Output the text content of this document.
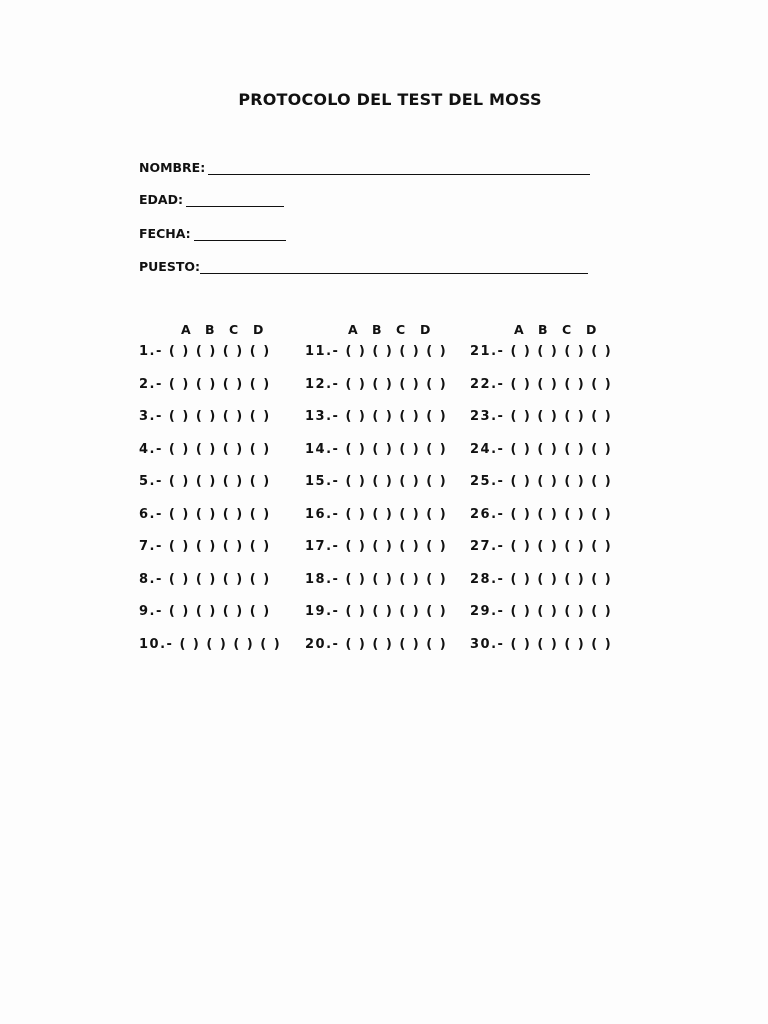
PROTOCOLO DEL TEST DEL MOSS
NOMBRE:
EDAD:
FECHA:
PUESTO:
A	B	C	D
1.- ( ) ( ) ( ) ( )
2.- ( ) ( ) ( ) ( )
3.- ( ) ( ) ( ) ( )
4.- ( ) ( ) ( ) ( )
5.- ( ) ( ) ( ) ( )
6.- ( ) ( ) ( ) ( )
7.- ( ) ( ) ( ) ( )
8.- ( ) ( ) ( ) ( )
9.- ( ) ( ) ( ) ( )
10.- ( ) ( ) ( ) ( )
A	B	C	D
11.- ( ) ( ) ( ) ( )
12.- ( ) ( ) ( ) ( )
13.- ( ) ( ) ( ) ( )
14.- ( ) ( ) ( ) ( )
15.- ( ) ( ) ( ) ( )
16.- ( ) ( ) ( ) ( )
17.- ( ) ( ) ( ) ( )
18.- ( ) ( ) ( ) ( )
19.- ( ) ( ) ( ) ( )
20.- ( ) ( ) ( ) ( )
A	B	C	D
21.- ( ) ( ) ( ) ( )
22.- ( ) ( ) ( ) ( )
23.- ( ) ( ) ( ) ( )
24.- ( ) ( ) ( ) ( )
25.- ( ) ( ) ( ) ( )
26.- ( ) ( ) ( ) ( )
27.- ( ) ( ) ( ) ( )
28.- ( ) ( ) ( ) ( )
29.- ( ) ( ) ( ) ( )
30.- ( ) ( ) ( ) ( )
